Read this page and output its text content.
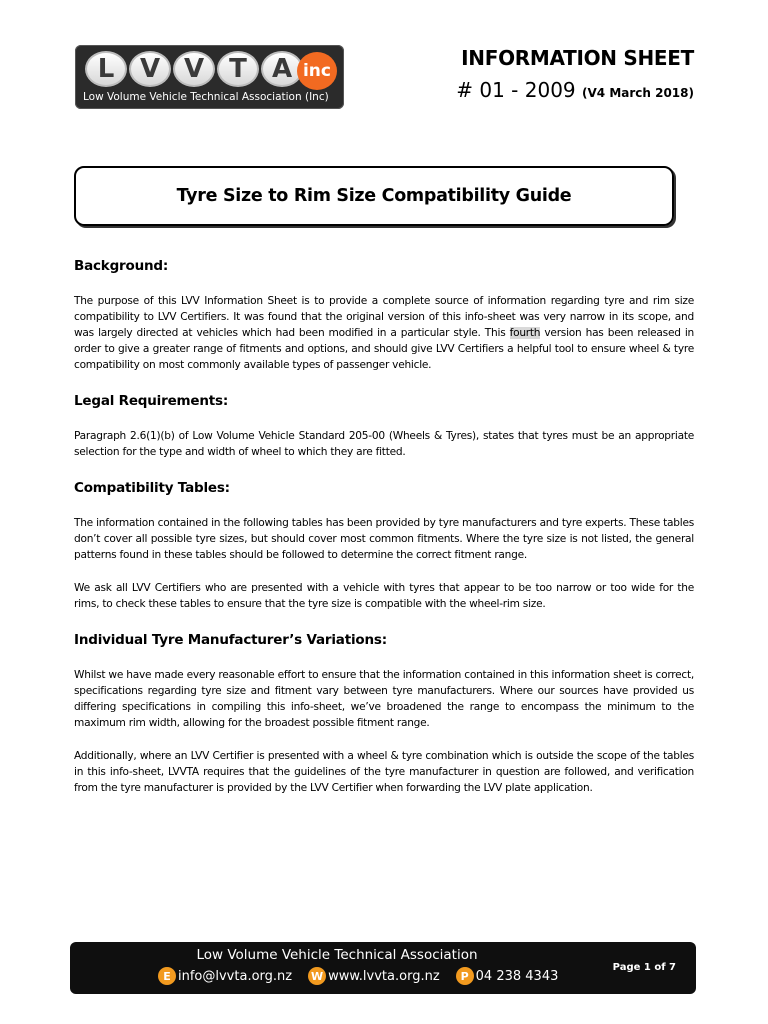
L V V T A inc
Low Volume Vehicle Technical Association (Inc)
INFORMATION SHEET
# 01 - 2009 (V4 March 2018)
Tyre Size to Rim Size Compatibility Guide
Background:

The purpose of this LVV Information Sheet is to provide a complete source of information regarding tyre and rim size compatibility to LVV Certifiers. It was found that the original version of this info-sheet was very narrow in its scope, and was largely directed at vehicles which had been modified in a particular style. This fourth version has been released in order to give a greater range of fitments and options, and should give LVV Certifiers a helpful tool to ensure wheel & tyre compatibility on most commonly available types of passenger vehicle.

Legal Requirements:

Paragraph 2.6(1)(b) of Low Volume Vehicle Standard 205-00 (Wheels & Tyres), states that tyres must be an appropriate selection for the type and width of wheel to which they are fitted.

Compatibility Tables:

The information contained in the following tables has been provided by tyre manufacturers and tyre experts. These tables don’t cover all possible tyre sizes, but should cover most common fitments. Where the tyre size is not listed, the general patterns found in these tables should be followed to determine the correct fitment range.

We ask all LVV Certifiers who are presented with a vehicle with tyres that appear to be too narrow or too wide for the rims, to check these tables to ensure that the tyre size is compatible with the wheel-rim size.

Individual Tyre Manufacturer’s Variations:

Whilst we have made every reasonable effort to ensure that the information contained in this information sheet is correct, specifications regarding tyre size and fitment vary between tyre manufacturers. Where our sources have provided us differing specifications in compiling this info-sheet, we’ve broadened the range to encompass the minimum to the maximum rim width, allowing for the broadest possible fitment range.

Additionally, where an LVV Certifier is presented with a wheel & tyre combination which is outside the scope of the tables in this info-sheet, LVVTA requires that the guidelines of the tyre manufacturer in question are followed, and verification from the tyre manufacturer is provided by the LVV Certifier when forwarding the LVV plate application.

Low Volume Vehicle Technical Association
E info@lvvta.org.nz W www.lvvta.org.nz	P 04 238 4343
Page 1 of 7
